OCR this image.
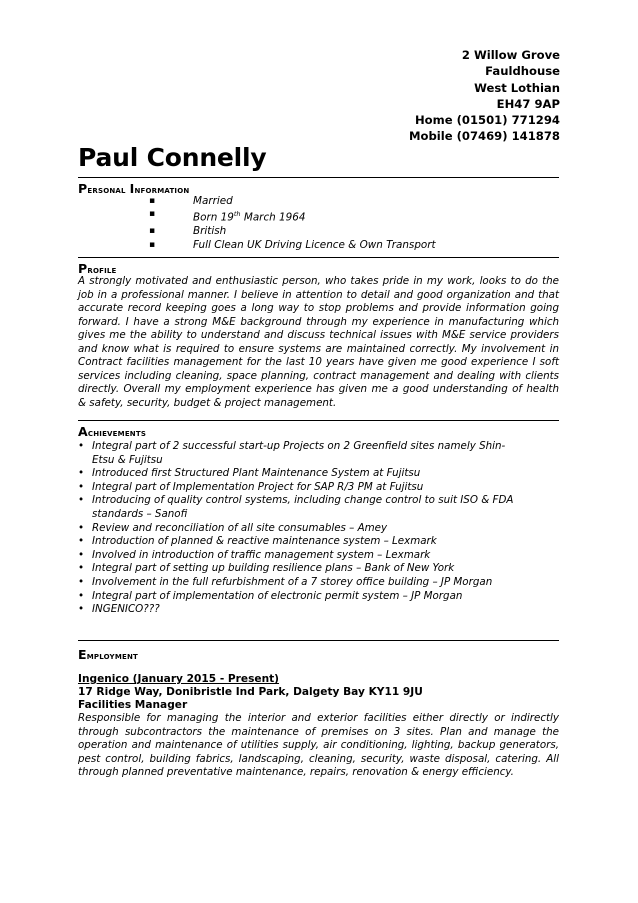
2 Willow Grove
Fauldhouse
West Lothian
EH47 9AP
Home (01501) 771294
Mobile (07469) 141878
Paul Connelly
Personal Information
▪ Married
▪ Born 19th March 1964
▪ British
▪ Full Clean UK Driving Licence & Own Transport
Profile

A strongly motivated and enthusiastic person, who takes pride in my work, looks to do the
job in a professional manner. I believe in attention to detail and good organization and that
accurate record keeping goes a long way to stop problems and provide information going
forward. I have a strong M&E background through my experience in manufacturing which
gives me the ability to understand and discuss technical issues with M&E service providers
and know what is required to ensure systems are maintained correctly. My involvement in
Contract facilities management for the last 10 years have given me good experience I soft
services including cleaning, space planning, contract management and dealing with clients
directly. Overall my employment experience has given me a good understanding of health
& safety, security, budget & project management.

Achievements
• Integral part of 2 successful start-up Projects on 2 Greenfield sites namely Shin-
Etsu & Fujitsu
• Introduced first Structured Plant Maintenance System at Fujitsu
• Integral part of Implementation Project for SAP R/3 PM at Fujitsu
• Introducing of quality control systems, including change control to suit ISO & FDA
standards – Sanofi
• Review and reconciliation of all site consumables – Amey
• Introduction of planned & reactive maintenance system – Lexmark
• Involved in introduction of traffic management system – Lexmark
• Integral part of setting up building resilience plans – Bank of New York
• Involvement in the full refurbishment of a 7 storey office building – JP Morgan
• Integral part of implementation of electronic permit system – JP Morgan
• INGENICO???
Employment
Ingenico (January 2015 - Present)
17 Ridge Way, Donibristle Ind Park, Dalgety Bay KY11 9JU
Facilities Manager

Responsible for managing the interior and exterior facilities either directly or indirectly
through subcontractors the maintenance of premises on 3 sites. Plan and manage the
operation and maintenance of utilities supply, air conditioning, lighting, backup generators,
pest control, building fabrics, landscaping, cleaning, security, waste disposal, catering. All
through planned preventative maintenance, repairs, renovation & energy efficiency.
